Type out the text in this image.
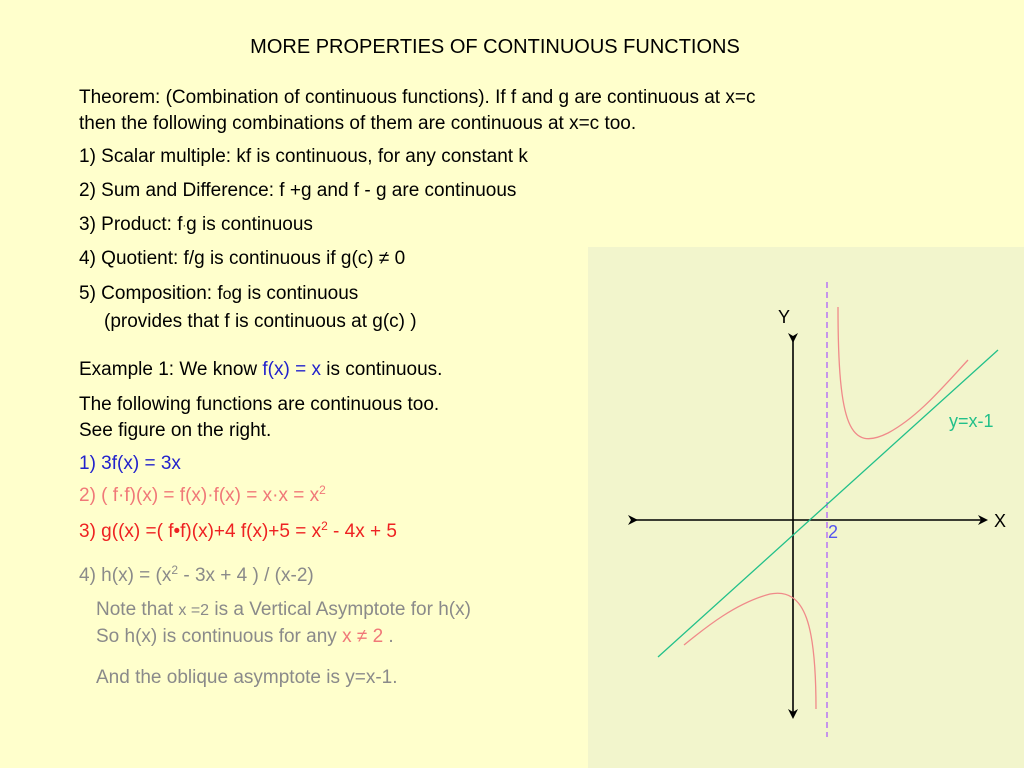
MORE PROPERTIES OF CONTINUOUS FUNCTIONS
Theorem: (Combination of continuous functions). If f and g are continuous at x=c
then the following combinations of them are continuous at x=c too.
1) Scalar multiple: kf is continuous, for any constant k
2) Sum and Difference: f +g and f - g are continuous
3) Product: f·g is continuous
4) Quotient: f/g is continuous if g(c) ≠ 0
5) Composition: fog is continuous
(provides that f is continuous at g(c) )
Example 1: We know f(x) = x is continuous.
The following functions are continuous too.
See figure on the right.
1) 3f(x) = 3x
2) ( $f\cdot f)(x) = f(x)\cdot f(x) = x\cdot x = x^2$
3) g((x) =( f•f)(x)+4 $f(x)+5 = x^2 - 4x + 5$
4) $h(x) = (x^2 - 3x + 4$ ) / (x-2)
Note that x =2 is a Vertical Asymptote for h(x)
So h(x) is continuous for any x ≠ 2 .
And the oblique asymptote is y=x-1.
Y
X
2
y=x-1
